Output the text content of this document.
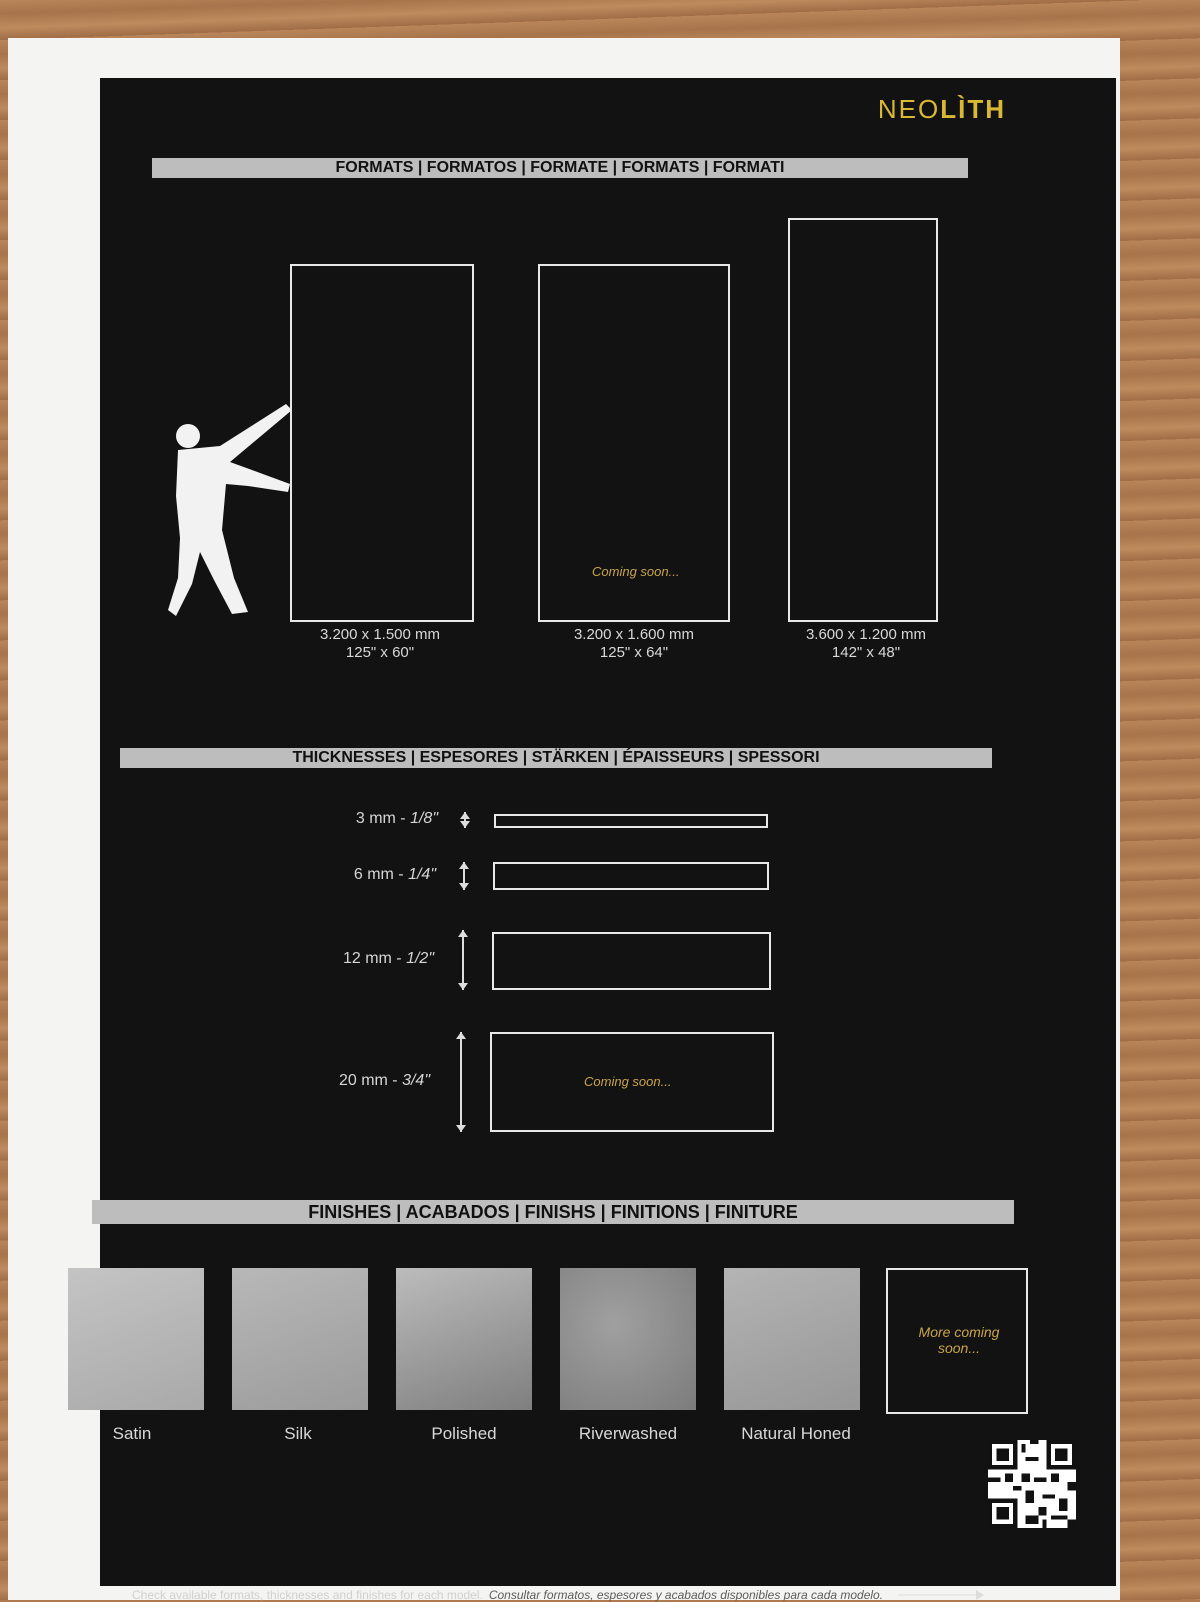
NEOLÌTH
FORMATS | FORMATOS | FORMATE | FORMATS | FORMATI
Coming soon...
3.200 x 1.500 mm
125" x 60"
3.200 x 1.600 mm
125" x 64"
3.600 x 1.200 mm
142" x 48"
THICKNESSES | ESPESORES | STÄRKEN | ÉPAISSEURS | SPESSORI
3 mm - 1/8"
6 mm - 1/4"
12 mm - 1/2"
20 mm - 3/4"	Coming soon...
FINISHES | ACABADOS | FINISHS | FINITIONS | FINITURE
More coming soon...
Satin	Silk	Polished	Riverwashed	Natural Honed
Check available formats, thicknesses and finishes for each model. Consultar formatos, espesores y acabados disponibles para cada modelo.
